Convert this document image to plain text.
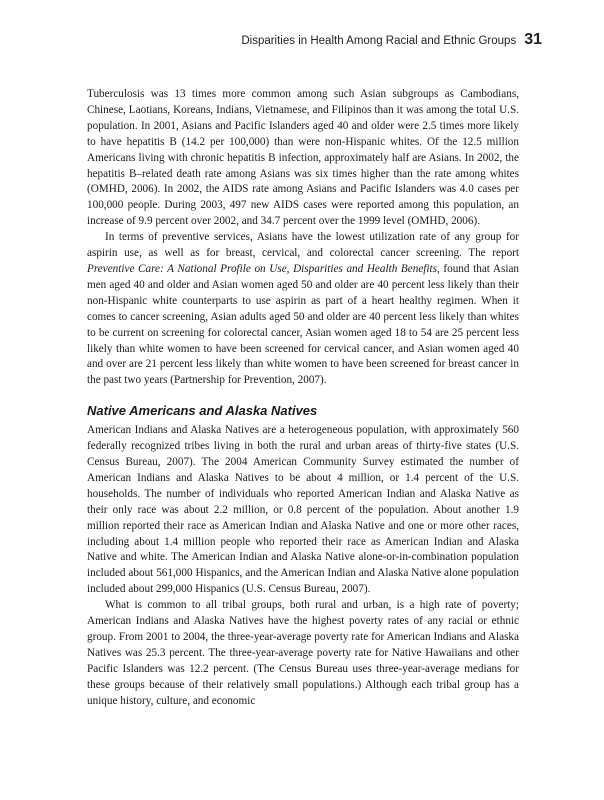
Disparities in Health Among Racial and Ethnic Groups 31

Tuberculosis was 13 times more common among such Asian subgroups as Cambodians, Chinese, Laotians, Koreans, Indians, Vietnamese, and Filipinos than it was among the total U.S. population. In 2001, Asians and Pacific Islanders aged 40 and older were 2.5 times more likely to have hepatitis B (14.2 per 100,000) than were non-Hispanic whites. Of the 12.5 million Americans living with chronic hepatitis B infection, approximately half are Asians. In 2002, the hepatitis B–related death rate among Asians was six times higher than the rate among whites (OMHD, 2006). In 2002, the AIDS rate among Asians and Pacific Islanders was 4.0 cases per 100,000 people. During 2003, 497 new AIDS cases were reported among this population, an increase of 9.9 percent over 2002, and 34.7 percent over the 1999 level (OMHD, 2006).

In terms of preventive services, Asians have the lowest utilization rate of any group for aspirin use, as well as for breast, cervical, and colorectal cancer screening. The report Preventive Care: A National Profile on Use, Disparities and Health Benefits, found that Asian men aged 40 and older and Asian women aged 50 and older are 40 percent less likely than their non-Hispanic white counterparts to use aspirin as part of a heart healthy regimen. When it comes to cancer screening, Asian adults aged 50 and older are 40 percent less likely than whites to be current on screening for colorectal cancer, Asian women aged 18 to 54 are 25 percent less likely than white women to have been screened for cervical cancer, and Asian women aged 40 and over are 21 percent less likely than white women to have been screened for breast cancer in the past two years (Partnership for Prevention, 2007).

Native Americans and Alaska Natives

American Indians and Alaska Natives are a heterogeneous population, with approximately 560 federally recognized tribes living in both the rural and urban areas of thirty-five states (U.S. Census Bureau, 2007). The 2004 American Community Survey estimated the number of American Indians and Alaska Natives to be about 4 million, or 1.4 percent of the U.S. households. The number of individuals who reported American Indian and Alaska Native as their only race was about 2.2 million, or 0.8 percent of the population. About another 1.9 million reported their race as American Indian and Alaska Native and one or more other races, including about 1.4 million people who reported their race as American Indian and Alaska Native and white. The American Indian and Alaska Native alone-or-in-combination population included about 561,000 Hispanics, and the American Indian and Alaska Native alone population included about 299,000 Hispanics (U.S. Census Bureau, 2007).

What is common to all tribal groups, both rural and urban, is a high rate of poverty; American Indians and Alaska Natives have the highest poverty rates of any racial or ethnic group. From 2001 to 2004, the three-year-average poverty rate for American Indians and Alaska Natives was 25.3 percent. The three-year-average poverty rate for Native Hawaiians and other Pacific Islanders was 12.2 percent. (The Census Bureau uses three-year-average medians for these groups because of their relatively small populations.) Although each tribal group has a unique history, culture, and economic
